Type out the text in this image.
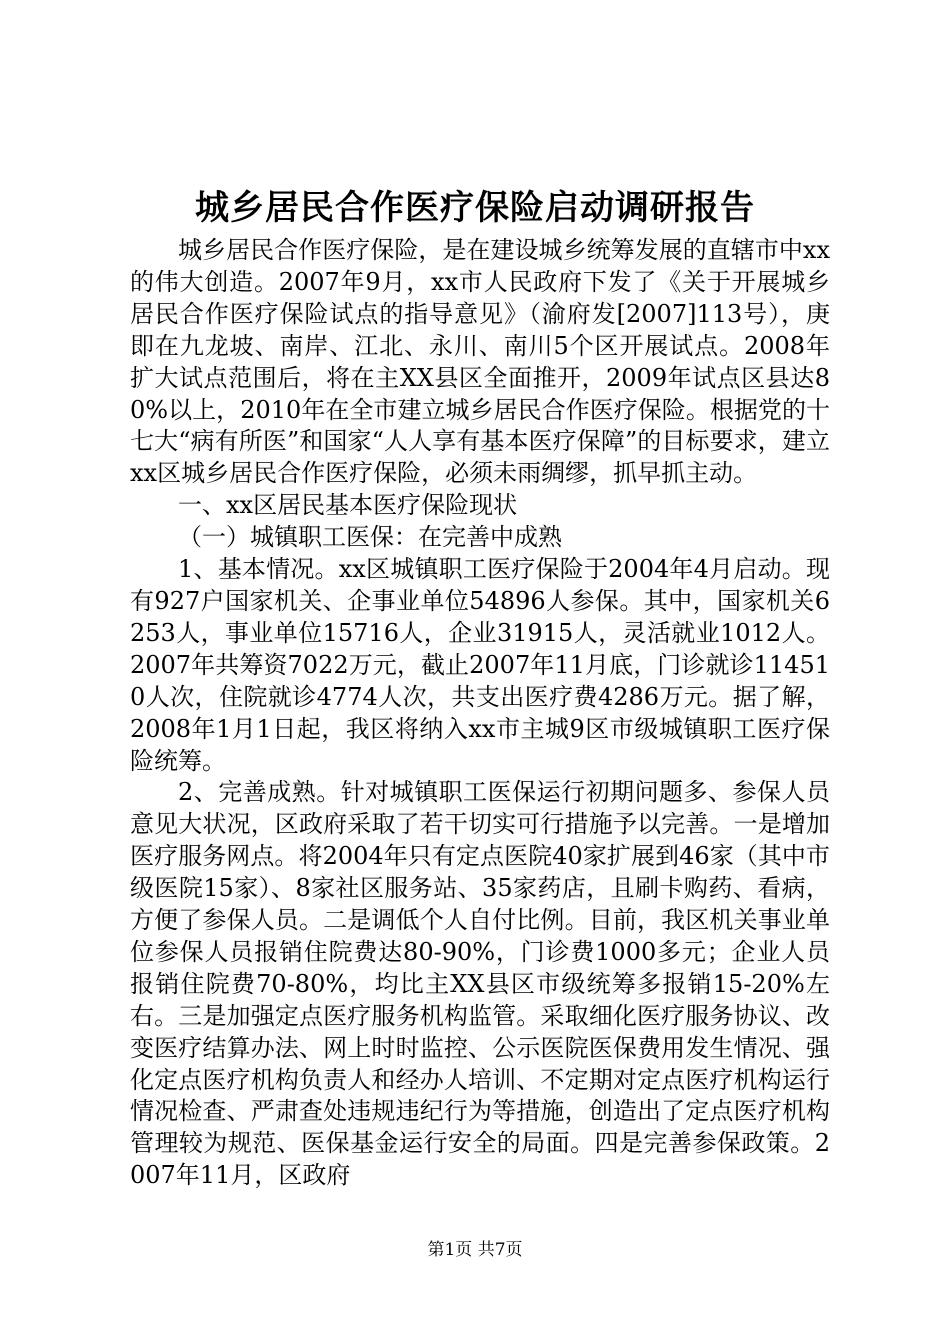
城乡居民合作医疗保险启动调研报告

城乡居民合作医疗保险，是在建设城乡统筹发展的直辖市中xx的伟大创造。2007年9月，xx市人民政府下发了《关于开展城乡居民合作医疗保险试点的指导意见》（渝府发[2007]113号），庚即在九龙坡、南岸、江北、永川、南川5个区开展试点。2008年扩大试点范围后，将在主XX县区全面推开，2009年试点区县达80%以上，2010年在全市建立城乡居民合作医疗保险。根据党的十七大“病有所医”和国家“人人享有基本医疗保障”的目标要求，建立xx区城乡居民合作医疗保险，必须未雨绸缪，抓早抓主动。

一、xx区居民基本医疗保险现状

（一）城镇职工医保：在完善中成熟

1、基本情况。xx区城镇职工医疗保险于2004年4月启动。现有927户国家机关、企事业单位54896人参保。其中，国家机关6253人，事业单位15716人，企业31915人，灵活就业1012人。2007年共筹资7022万元，截止2007年11月底，门诊就诊114510人次，住院就诊4774人次，共支出医疗费4286万元。据了解，2008年1月1日起，我区将纳入xx市主城9区市级城镇职工医疗保险统筹。

2、完善成熟。针对城镇职工医保运行初期问题多、参保人员意见大状况，区政府采取了若干切实可行措施予以完善。一是增加医疗服务网点。将2004年只有定点医院40家扩展到46家（其中市级医院15家）、8家社区服务站、35家药店，且刷卡购药、看病，方便了参保人员。二是调低个人自付比例。目前，我区机关事业单位参保人员报销住院费达80-90%，门诊费1000多元；企业人员报销住院费70-80%，均比主XX县区市级统筹多报销15-20%左右。三是加强定点医疗服务机构监管。采取细化医疗服务协议、改变医疗结算办法、网上时时监控、公示医院医保费用发生情况、强化定点医疗机构负责人和经办人培训、不定期对定点医疗机构运行情况检查、严肃查处违规违纪行为等措施，创造出了定点医疗机构管理较为规范、医保基金运行安全的局面。四是完善参保政策。2007年11月，区政府

第1页 共7页
